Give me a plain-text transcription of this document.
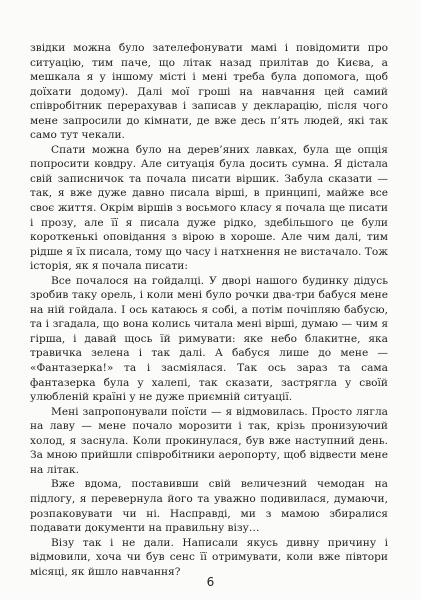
звідки можна було зателефонувати мамі і повідомити про ситуацію, тим паче, що літак назад прилітав до Києва, а мешкала я у іншому місті і мені треба була допомога, щоб доїхати додому). Далі мої гроші на навчання цей самий співробітник перерахував і записав у декларацію, після чого мене запросили до кімнати, де вже десь п’ять людей, які так само тут чекали.

Спати можна було на дерев’яних лавках, була ще опція попросити ковдру. Але ситуація була досить сумна. Я дістала свій записничок та почала писати віршик. Забула сказати — так, я вже дуже давно писала вірші, в принципі, майже все своє життя. Окрім віршів з восьмого класу я почала ще писати і прозу, але її я писала дуже рідко, здебільшого це були короткенькі оповідання з вірою в хороше. Але чим далі, тим рідше я їх писала, тому що часу і натхнення не вистачало. Тож історія, як я почала писати:

Все почалося на гойдалці. У дворі нашого будинку дідусь зробив таку орель, і коли мені було рочки два-три бабуся мене на ній гойдала. І ось катаюсь я собі, а потім почіпляю бабусю, та і згадала, що вона колись читала мені вірші, думаю — чим я гірша, і давай щось їй римувати: яке небо блакитне, яка травичка зелена і так далі. А бабуся лише до мене — «Фантазерка!» та і засміялася. Так ось зараз та сама фантазерка була у халепі, так сказати, застрягла у своїй улюбленій країні у не дуже приємній ситуації.

Мені запропонували поїсти — я відмовилась. Просто лягла на лаву — мене почало морозити і так, крізь пронизуючий холод, я заснула. Коли прокинулася, був вже наступний день. За мною прийшли співробітники аеропорту, щоб відвести мене на літак.

Вже вдома, поставивши свій величезний чемодан на підлогу, я перевернула його та уважно подивилася, думаючи, розпаковувати чи ні. Насправді, ми з мамою збиралися подавати документи на правильну візу…

Візу так і не дали. Написали якусь дивну причину і відмовили, хоча чи був сенс її отримувати, коли вже півтори місяці, як йшло навчання?

6
